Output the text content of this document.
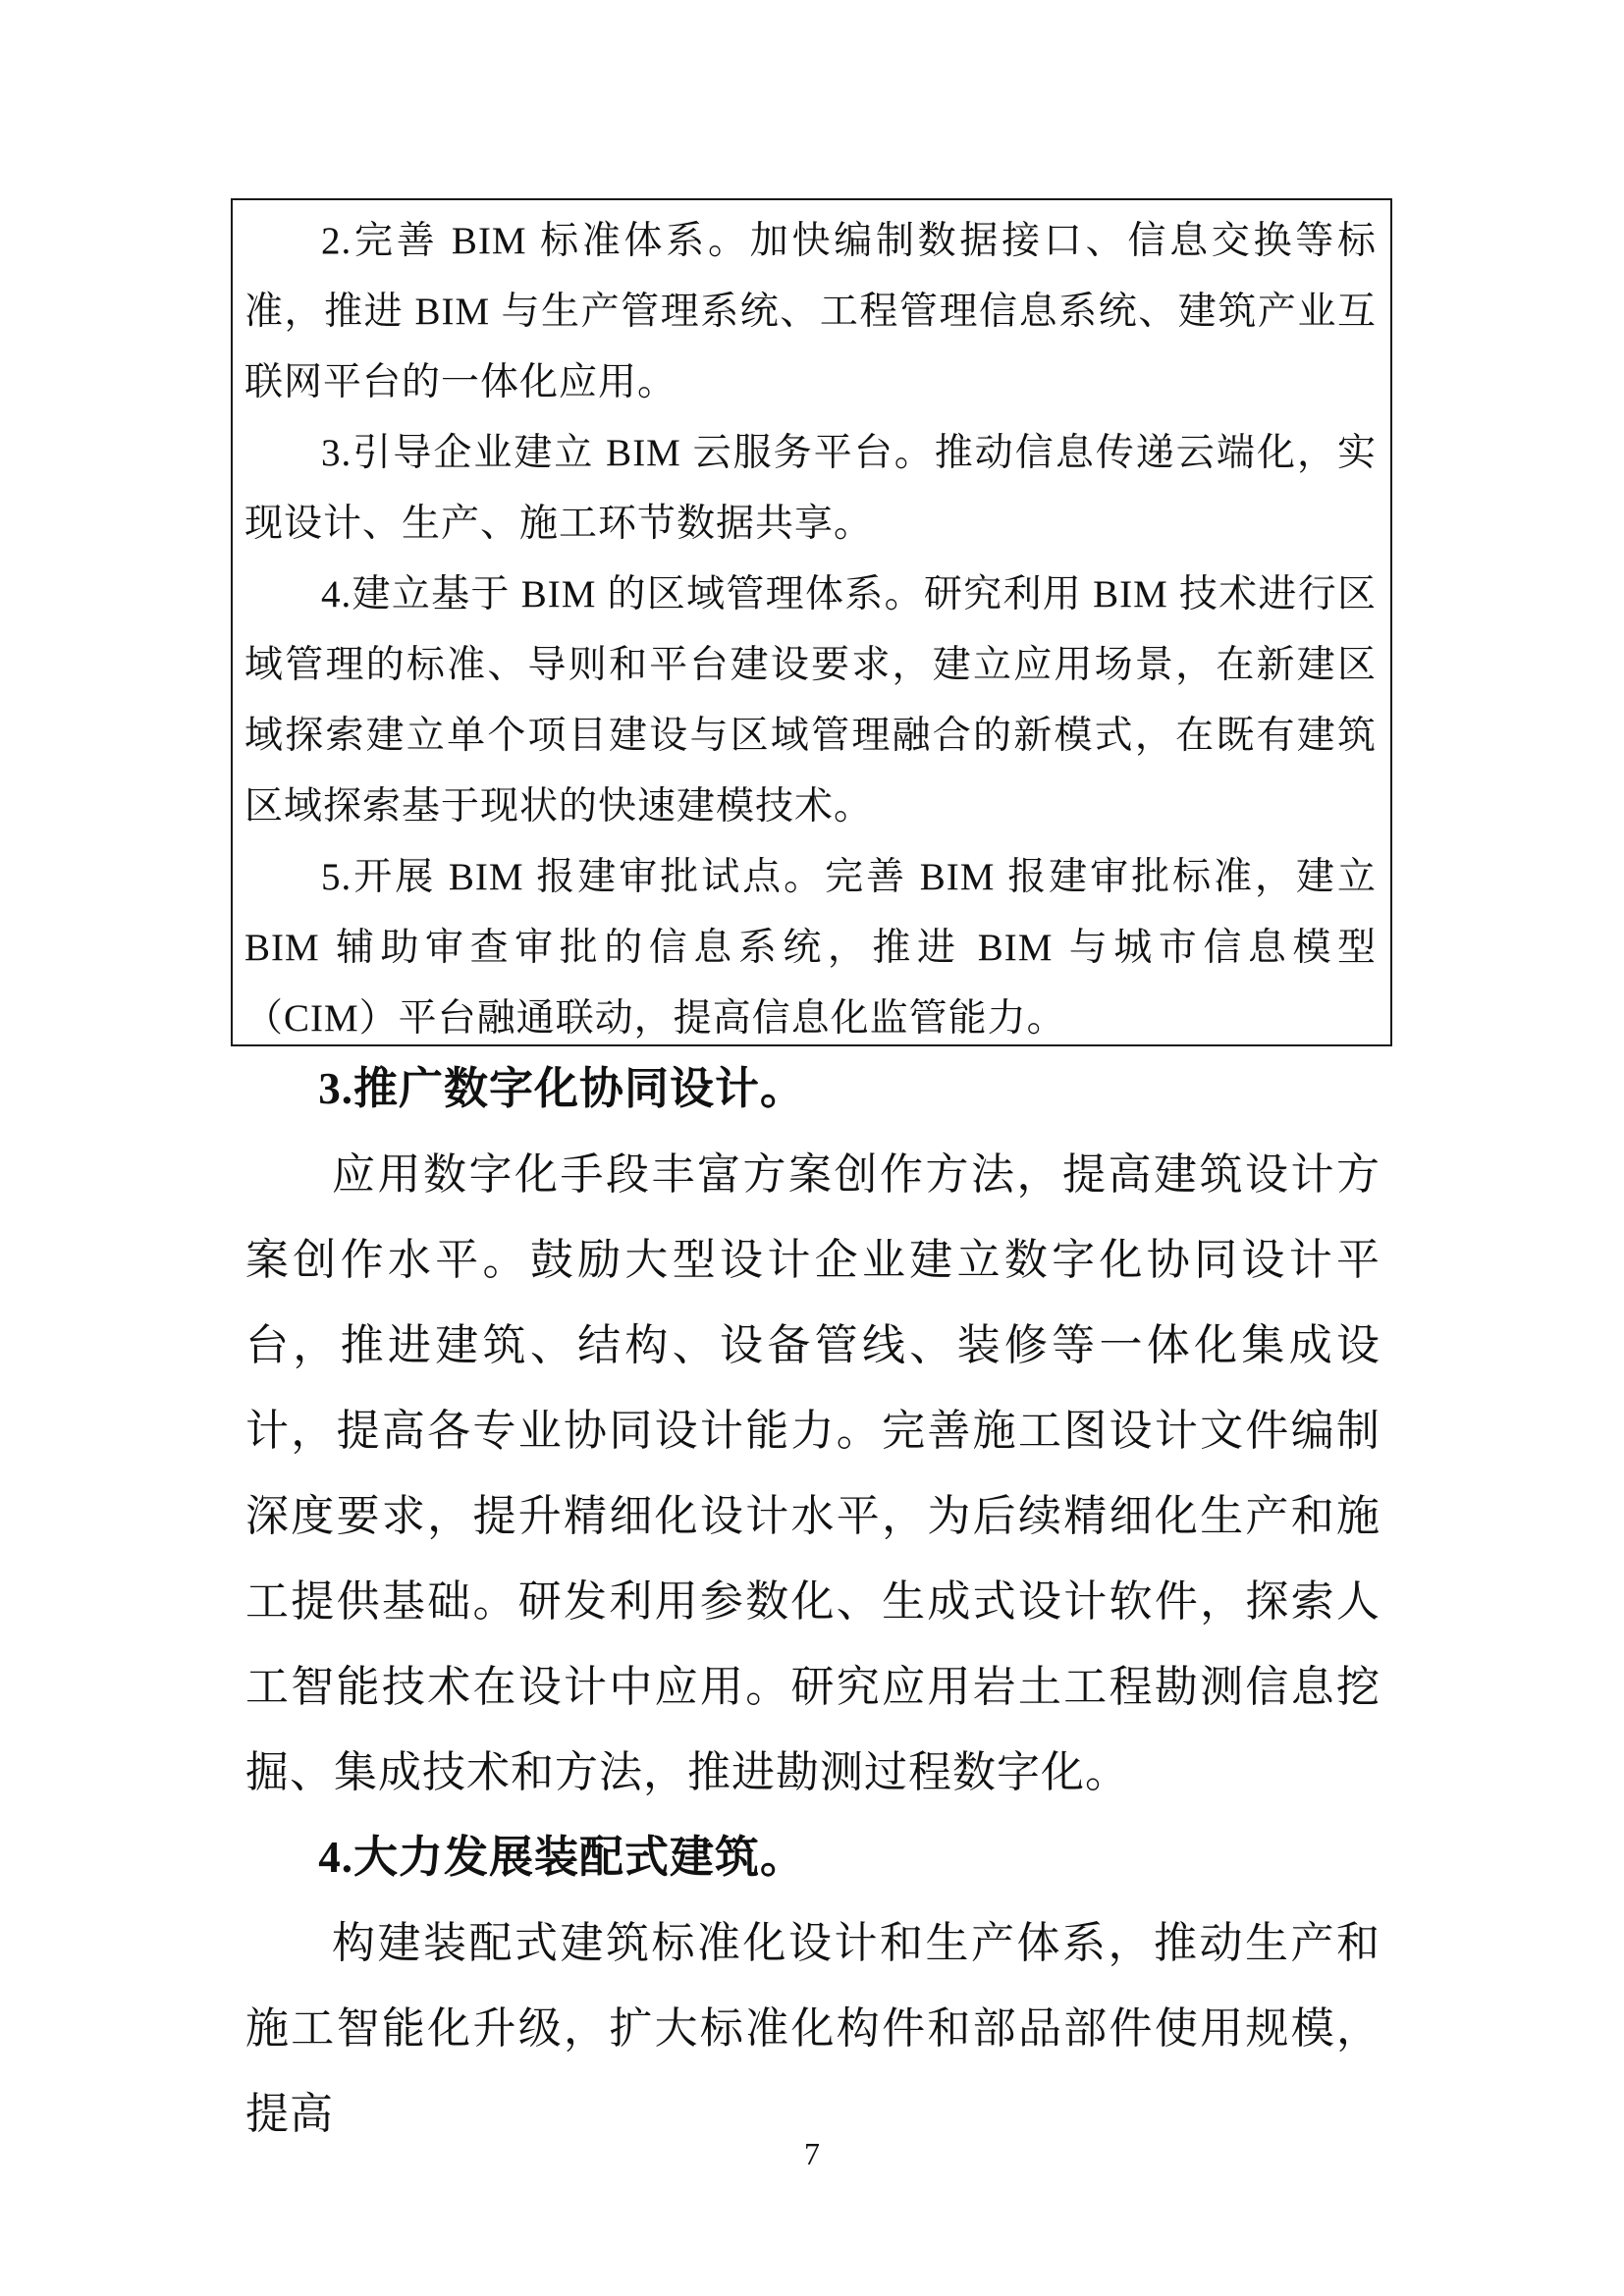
2.完善 BIM 标准体系。加快编制数据接口、信息交换等标准，推进 BIM 与生产管理系统、工程管理信息系统、建筑产业互联网平台的一体化应用。

3.引导企业建立 BIM 云服务平台。推动信息传递云端化，实现设计、生产、施工环节数据共享。

4.建立基于 BIM 的区域管理体系。研究利用 BIM 技术进行区域管理的标准、导则和平台建设要求，建立应用场景，在新建区域探索建立单个项目建设与区域管理融合的新模式，在既有建筑区域探索基于现状的快速建模技术。

5.开展 BIM 报建审批试点。完善 BIM 报建审批标准，建立 BIM 辅助审查审批的信息系统，推进 BIM 与城市信息模型（CIM）平台融通联动，提高信息化监管能力。

3.推广数字化协同设计。

应用数字化手段丰富方案创作方法，提高建筑设计方案创作水平。鼓励大型设计企业建立数字化协同设计平台，推进建筑、结构、设备管线、装修等一体化集成设计，提高各专业协同设计能力。完善施工图设计文件编制深度要求，提升精细化设计水平，为后续精细化生产和施工提供基础。研发利用参数化、生成式设计软件，探索人工智能技术在设计中应用。研究应用岩土工程勘测信息挖掘、集成技术和方法，推进勘测过程数字化。

4.大力发展装配式建筑。

构建装配式建筑标准化设计和生产体系，推动生产和施工智能化升级，扩大标准化构件和部品部件使用规模，提高

7
